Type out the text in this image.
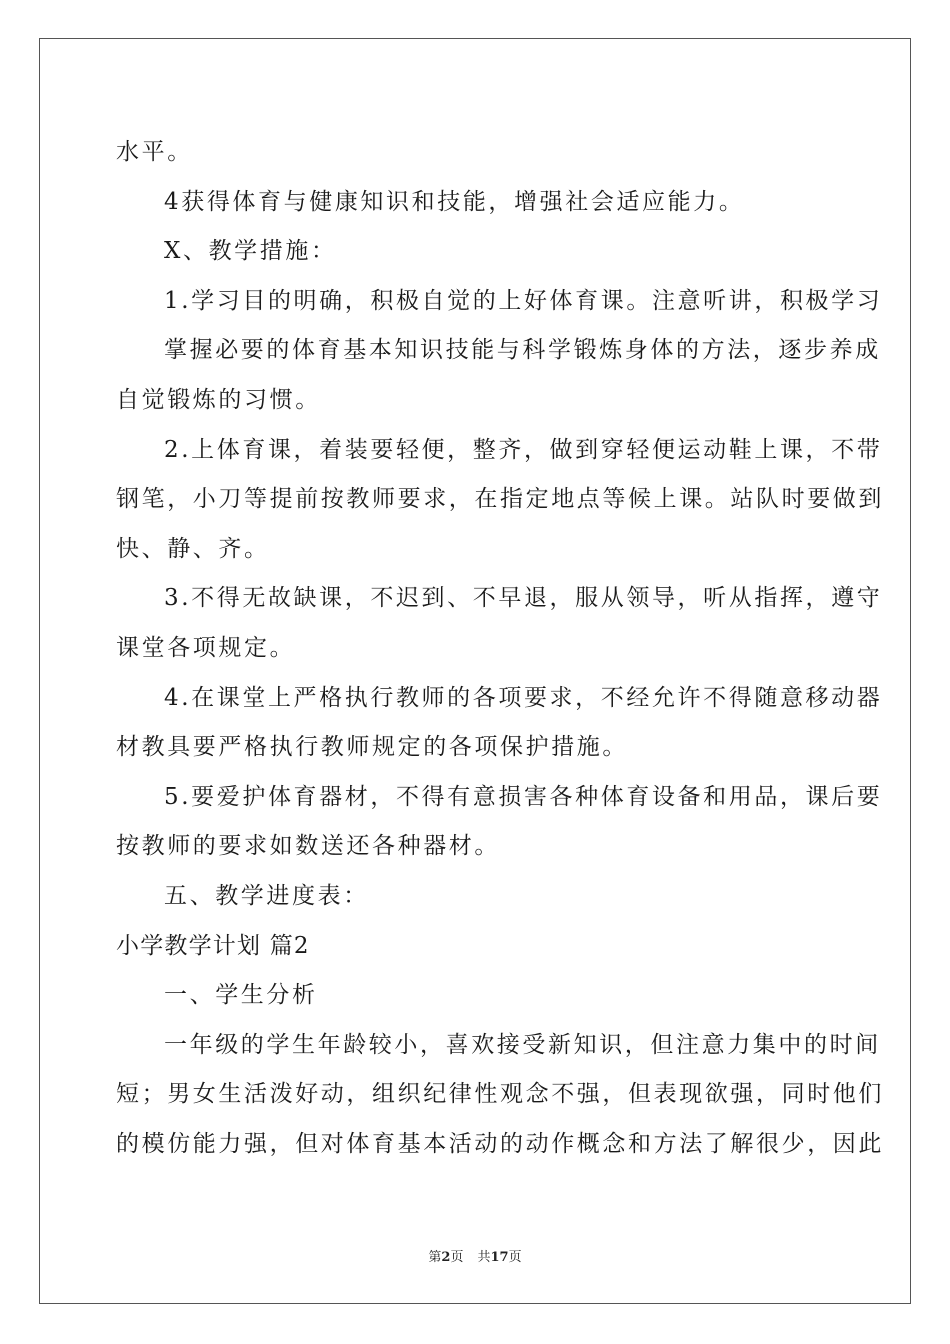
水平。
4获得体育与健康知识和技能，增强社会适应能力。
X、教学措施：
1.学习目的明确，积极自觉的上好体育课。注意听讲，积极学习
掌握必要的体育基本知识技能与科学锻炼身体的方法，逐步养成
自觉锻炼的习惯。
2.上体育课，着装要轻便，整齐，做到穿轻便运动鞋上课，不带
钢笔，小刀等提前按教师要求，在指定地点等候上课。站队时要做到
快、静、齐。
3.不得无故缺课，不迟到、不早退，服从领导，听从指挥，遵守
课堂各项规定。
4.在课堂上严格执行教师的各项要求，不经允许不得随意移动器
材教具要严格执行教师规定的各项保护措施。
5.要爱护体育器材，不得有意损害各种体育设备和用品，课后要
按教师的要求如数送还各种器材。
五、教学进度表：
小学教学计划 篇2
一、学生分析
一年级的学生年龄较小，喜欢接受新知识，但注意力集中的时间
短；男女生活泼好动，组织纪律性观念不强，但表现欲强，同时他们
的模仿能力强，但对体育基本活动的动作概念和方法了解很少，因此
第2页 共17页
